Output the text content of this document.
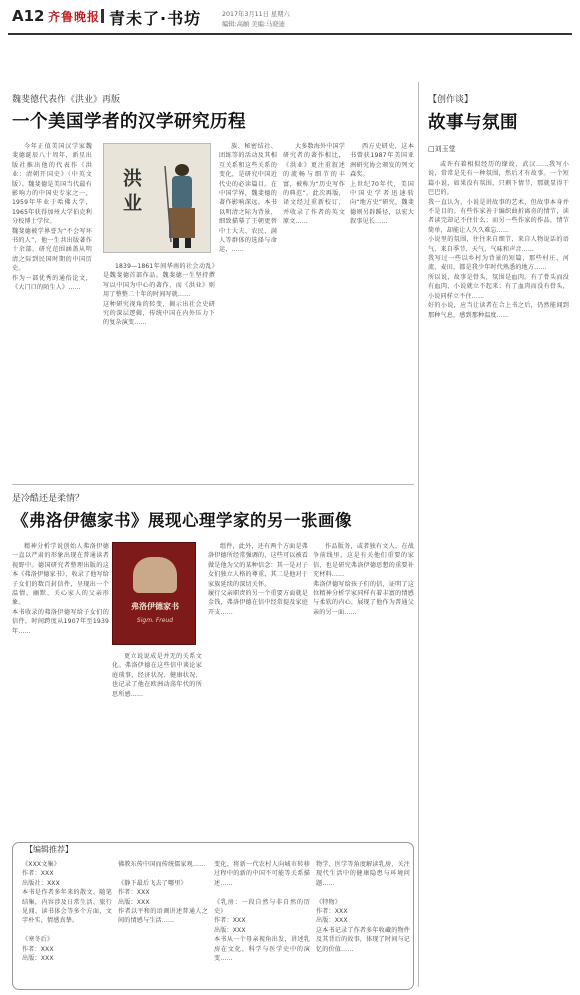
A12 齐鲁晚报 青未了·书坊	2017年3月11日 星期六
编辑:高頔 美编:马晓迪
魏斐德代表作《洪业》再版
一个美国学者的汉学研究历程
今年正值美国汉学家魏斐德诞辰八十周年，新星出版社推出他的代表作《洪业：清朝开国史》（中英文版）。魏斐德是美国当代最有影响力的中国史专家之一，1959年毕业于哈佛大学，1965年获得加州大学伯克利分校博士学位。
魏斐德被学界誉为“不会写坏书的人”，他一生共出版著作十余部，研究范围涵盖从明清之际到民国时期的中国历史。
作为一部优秀的通俗论文，《大门口的陌生人》……
洪业
1839—1861年间华南的社会动乱》是魏斐德首部作品。魏斐德一生坚持撰写以中国为中心的著作，而《洪业》则用了整整二十年的时间写就……
这种研究视角的转变，揭示出社会史研究的深层逻辑，传统中国在内外压力下的复杂演变……
族、秘密结社、团练等的活动及其相互关系和这些关系的变化，是研究中国近代史的必读篇目。在中国学界，魏斐德的著作影响深远。本书以明清之际为背景，细致描摹了王朝更替中士大夫、农民、满人等群体的选择与命运，……
大多数海外中国学研究者的著作相比，《洪业》更注重叙述的流畅与细节的丰富，被称为“历史写作的典范”。此次再版，译文经过重新校订，并收录了作者的英文原文……
西方史研史，这本书曾获1987年美国亚洲研究协会颁发的列文森奖。
上世纪70年代，美国中国史学者迅速转向“地方史”研究，魏斐德则另辟蹊径，以宏大叙事见长……
是冷酷还是柔情？
《弗洛伊德家书》展现心理学家的另一张画像
精神分析学说创始人弗洛伊德一直以严肃的形象出现在普通读者视野中。德国研究者整理出版的这本《弗洛伊德家书》，收录了他写给子女们的数百封信件，呈现出一个温情、幽默、关心家人的父亲形象。
本书收录的弗洛伊德写给子女们的信件，时间跨度从1907年至1939年……
弗洛伊德家书
Sigm. Freud
更立说说成是并无的关系文化。弗洛伊德在这些信中谈论家庭琐事、经济状况、健康状况，也记录了他在欧洲动荡年代的所思所感……
组件，此外，还有两个方面是弗洛伊德所经常强调的，这些可以被看做是他为父的某种信念：其一是对子女们独立人格的尊重，其二是他对于家族延续的深切关怀。
履行父亲职责的另一个重要方面就是金钱，弗洛伊德在信中经常提及家庭开支……
作品版务，或者独有文人，在战争前线里，这是有关他们重要的家信，也是研究弗洛伊德思想的重要补充材料……
弗洛伊德写给孩子们的信，证明了这位精神分析学家同样有着丰富的情感与柔软的内心，展现了他作为普通父亲的另一面……
【编辑推荐】
《XXX文集》
作者：XXX
出版社：XXX
本书是作者多年来的散文、随笔结集，内容涉及日常生活、旅行见闻、读书体会等多个方面，文字朴实，情感真挚。

《寒冬后》
作者：XXX
出版：XXX
佛教东传中国而传统儒家观……

《静下最后飞去了哪里》
作者：XXX
出版：XXX
作者以平和的语调讲述普通人之间的情感与生活……
变化，将新一代农村人向城市转移过程中的新的中国不可能等关系描述……

《乳房：一段自然与非自然的历史》
作者：XXX
出版：XXX
本书从一个母亲视角出发，讲述乳房在文化、科学与医学史中的演变……
物学、医学等角度解读乳房，关注现代生活中的健康隐患与环境问题……

《特物》
作者：XXX
出版：XXX
这本书记录了作者多年收藏的物件及其背后的故事，体现了时间与记忆的价值……
【创作谈】
故事与氛围
□刘玉堂
或许有着相似经历的缘故，武汉……我写小说，常常是先有一种氛围，然后才有故事。一个短篇小说，如果没有氛围，只剩下情节，那就显得干巴巴的。
我一直认为，小说是讲故事的艺术，但故事本身并不是目的。有些作家善于编织曲折离奇的情节，读者读完却记不住什么；而另一些作家的作品，情节简单，却能让人久久难忘……
小说里的氛围，往往来自细节，来自人物说话的语气、来自季节、天气、气味和声音……
我写过一些以乡村为背景的短篇，那些村庄、河流、麦田，都是我少年时代熟悉的地方……
所以说，故事是骨头，氛围是血肉。有了骨头而没有血肉，小说就立不起来；有了血肉而没有骨头，小说同样立不住……
好的小说，应当让读者在合上书之后，仍然能闻到那种气息，感到那种温度……
